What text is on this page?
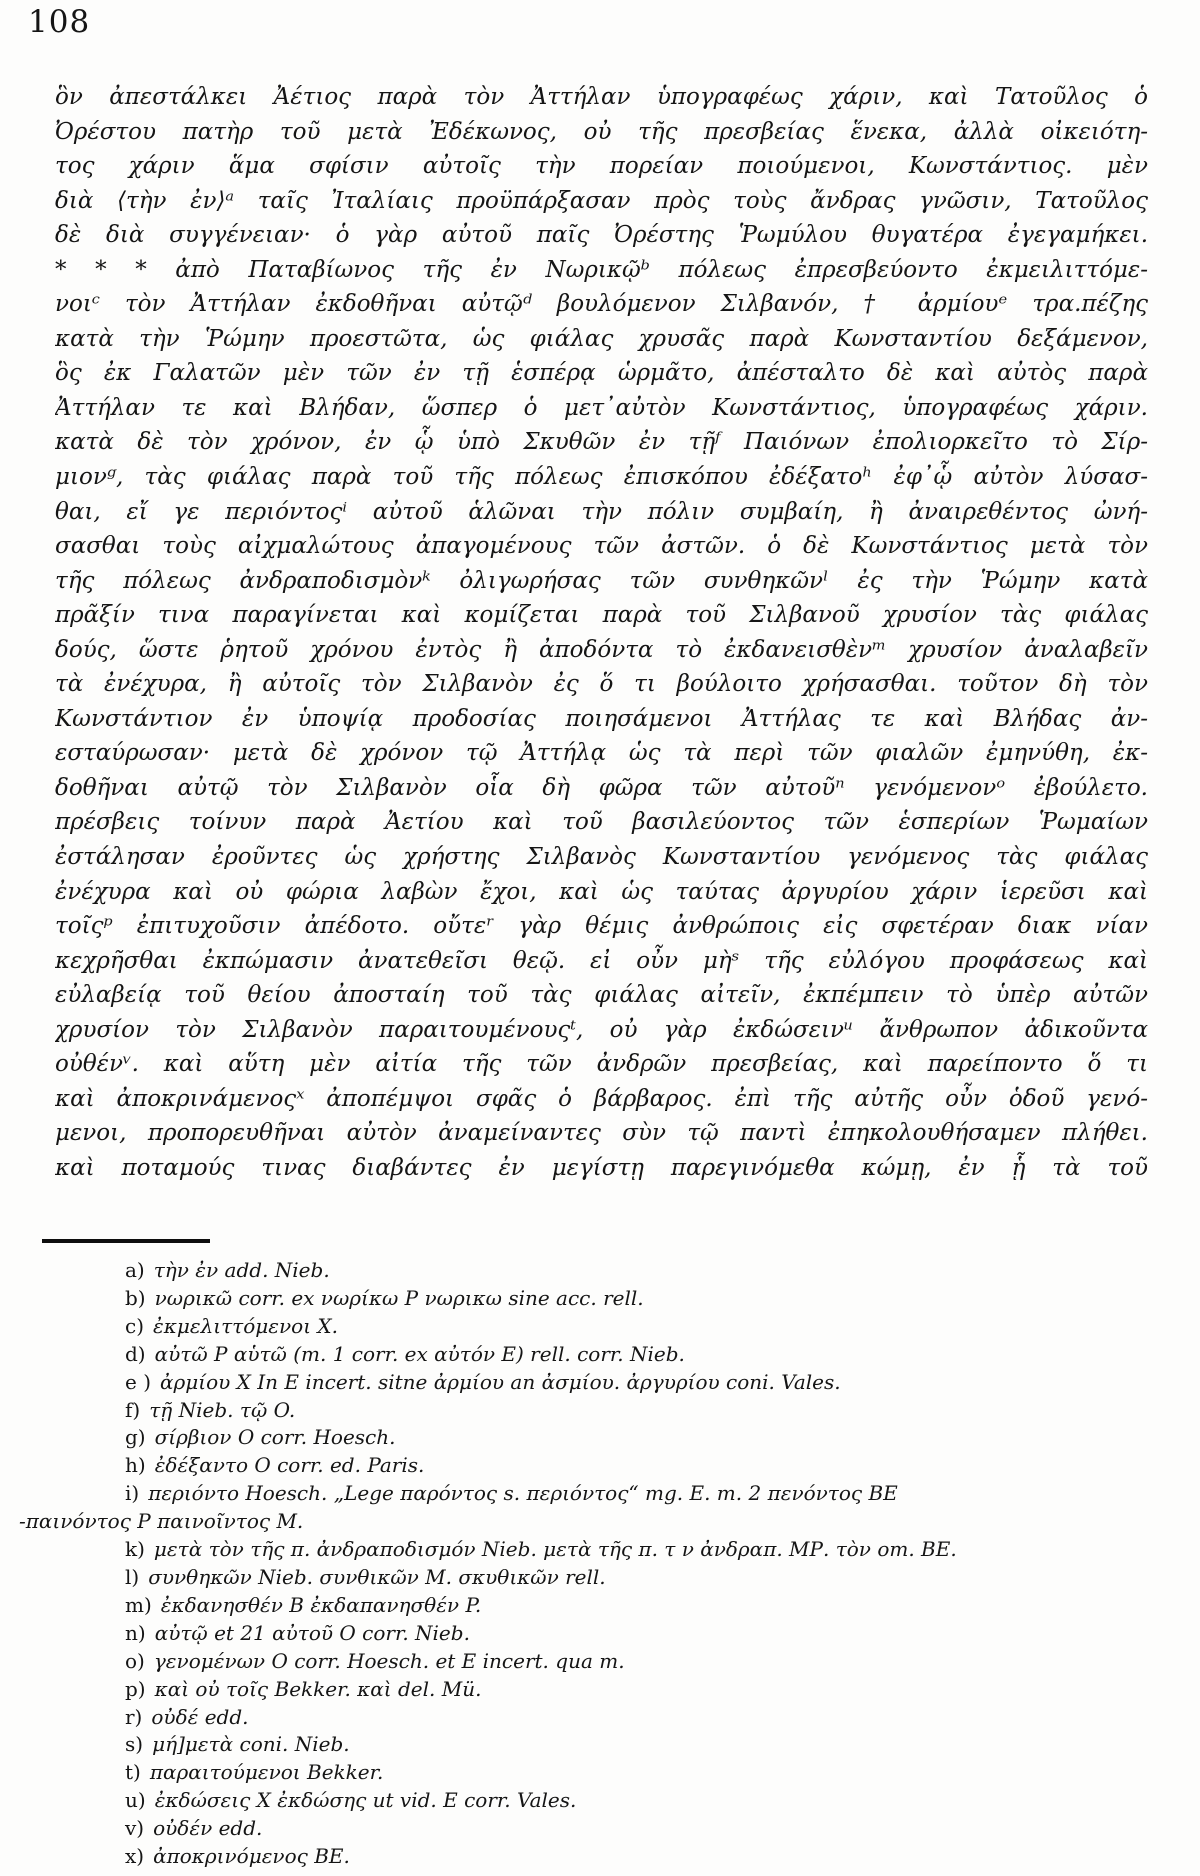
108
ὃν ἀπεστάλκει Ἀέτιος παρὰ τὸν Ἀττήλαν ὑπογραφέως χάριν, καὶ Τατοῦλος ὁ
Ὀρέστου πατὴρ τοῦ μετὰ Ἐδέκωνος, οὐ τῆς πρεσβείας ἕνεκα, ἀλλὰ οἰκειότη-
τος χάριν ἅμα σφίσιν αὐτοῖς τὴν πορείαν ποιούμενοι, Κωνστάντιος. μὲν
διὰ ⟨τὴν ἐν⟩ᵃ ταῖς Ἰταλίαις προϋπάρξασαν πρὸς τοὺς ἄνδρας γνῶσιν, Τατοῦλος
δὲ διὰ συγγένειαν· ὁ γὰρ αὐτοῦ παῖς Ὀρέστης Ῥωμύλου θυγατέρα ἐγεγαμήκει.
* * * ἀπὸ Παταβίωνος τῆς ἐν Νωρικῷᵇ πόλεως ἐπρεσβεύοντο ἐκμειλιττόμε-
νοιᶜ τὸν Ἀττήλαν ἐκδοθῆναι αὐτῷᵈ βουλόμενον Σιλβανόν, † ἀρμίουᵉ τρα.πέζης
κατὰ τὴν Ῥώμην προεστῶτα, ὡς φιάλας χρυσᾶς παρὰ Κωνσταντίου δεξάμενον,
ὃς ἐκ Γαλατῶν μὲν τῶν ἐν τῇ ἑσπέρᾳ ὡρμᾶτο, ἀπέσταλτο δὲ καὶ αὐτὸς παρὰ
Ἀττήλαν τε καὶ Βλήδαν, ὥσπερ ὁ μετ᾽αὐτὸν Κωνστάντιος, ὑπογραφέως χάριν.
κατὰ δὲ τὸν χρόνον, ἐν ᾧ ὑπὸ Σκυθῶν ἐν τῇᶠ Παιόνων ἐπολιορκεῖτο τὸ Σίρ-
μιονᵍ, τὰς φιάλας παρὰ τοῦ τῆς πόλεως ἐπισκόπου ἐδέξατοʰ ἐφ᾽ᾧ αὐτὸν λύσασ-
θαι, εἴ γε περιόντοςⁱ αὐτοῦ ἁλῶναι τὴν πόλιν συμβαίη, ἢ ἀναιρεθέντος ὠνή-
σασθαι τοὺς αἰχμαλώτους ἀπαγομένους τῶν ἀστῶν. ὁ δὲ Κωνστάντιος μετὰ τὸν
τῆς πόλεως ἀνδραποδισμὸνᵏ ὀλιγωρήσας τῶν συνθηκῶνˡ ἐς τὴν Ῥώμην κατὰ
πρᾶξίν τινα παραγίνεται καὶ κομίζεται παρὰ τοῦ Σιλβανοῦ χρυσίον τὰς φιάλας
δούς, ὥστε ῥητοῦ χρόνου ἐντὸς ἢ ἀποδόντα τὸ ἐκδανεισθὲνᵐ χρυσίον ἀναλαβεῖν
τὰ ἐνέχυρα, ἢ αὐτοῖς τὸν Σιλβανὸν ἐς ὅ τι βούλοιτο χρήσασθαι. τοῦτον δὴ τὸν
Κωνστάντιον ἐν ὑποψίᾳ προδοσίας ποιησάμενοι Ἀττήλας τε καὶ Βλήδας ἀν-
εσταύρωσαν· μετὰ δὲ χρόνον τῷ Ἀττήλᾳ ὡς τὰ περὶ τῶν φιαλῶν ἐμηνύθη, ἐκ-
δοθῆναι αὐτῷ τὸν Σιλβανὸν οἷα δὴ φῶρα τῶν αὐτοῦⁿ γενόμενονᵒ ἐβούλετο.
πρέσβεις τοίνυν παρὰ Ἀετίου καὶ τοῦ βασιλεύοντος τῶν ἑσπερίων Ῥωμαίων
ἐστάλησαν ἐροῦντες ὡς χρήστης Σιλβανὸς Κωνσταντίου γενόμενος τὰς φιάλας
ἐνέχυρα καὶ οὐ φώρια λαβὼν ἔχοι, καὶ ὡς ταύτας ἀργυρίου χάριν ἱερεῦσι καὶ
τοῖςᵖ ἐπιτυχοῦσιν ἀπέδοτο. οὔτεʳ γὰρ θέμις ἀνθρώποις εἰς σφετέραν διακ νίαν
κεχρῆσθαι ἐκπώμασιν ἀνατεθεῖσι θεῷ. εἰ οὖν μὴˢ τῆς εὐλόγου προφάσεως καὶ
εὐλαβείᾳ τοῦ θείου ἀποσταίη τοῦ τὰς φιάλας αἰτεῖν, ἐκπέμπειν τὸ ὑπὲρ αὐτῶν
χρυσίον τὸν Σιλβανὸν παραιτουμένουςᵗ, οὐ γὰρ ἐκδώσεινᵘ ἄνθρωπον ἀδικοῦντα
οὐθένᵛ. καὶ αὕτη μὲν αἰτία τῆς τῶν ἀνδρῶν πρεσβείας, καὶ παρείποντο ὅ τι
καὶ ἀποκρινάμενοςˣ ἀποπέμψοι σφᾶς ὁ βάρβαρος. ἐπὶ τῆς αὐτῆς οὖν ὁδοῦ γενό-
μενοι, προπορευθῆναι αὐτὸν ἀναμείναντες σὺν τῷ παντὶ ἐπηκολουθήσαμεν πλήθει.
καὶ ποταμούς τινας διαβάντες ἐν μεγίστῃ παρεγινόμεθα κώμῃ, ἐν ᾗ τὰ τοῦ
a) τὴν ἐν add. Nieb.
b) νωρικῶ corr. ex νωρίκω P νωρικω sine acc. rell.
c) ἐκμελιττόμενοι X.
d) αὐτῶ P αὑτῶ (m. 1 corr. ex αὐτόν E) rell. corr. Nieb.
e ) ἀρμίου X In E incert. sitne ἀρμίου an ἀσμίου. ἀργυρίου coni. Vales.
f) τῇ Nieb. τῷ O.
g) σίρβιον O corr. Hoesch.
h) ἐδέξαντο O corr. ed. Paris.
i) περιόντο Hoesch. „Lege παρόντος s. περιόντος“ mg. E. m. 2 πενόντος BE
-παινόντος P παινοῖντος M.
k) μετὰ τὸν τῆς π. ἀνδραποδισμόν Nieb. μετὰ τῆς π. τ ν ἀνδραπ. ΜΡ. τὸν om. BE.
l) συνθηκῶν Nieb. συνθικῶν M. σκυθικῶν rell.
m) ἐκδανησθέν B ἐκδαπανησθέν P.
n) αὐτῷ et 21 αὐτοῦ O corr. Nieb.
o) γενομένων O corr. Hoesch. et E incert. qua m.
p) καὶ οὐ τοῖς Bekker. καὶ del. Mü.
r) οὐδέ edd.
s) μή]μετὰ coni. Nieb.
t) παραιτούμενοι Bekker.
u) ἐκδώσεις X ἐκδώσης ut vid. E corr. Vales.
v) οὐδέν edd.
x) ἀποκρινόμενος BE.
